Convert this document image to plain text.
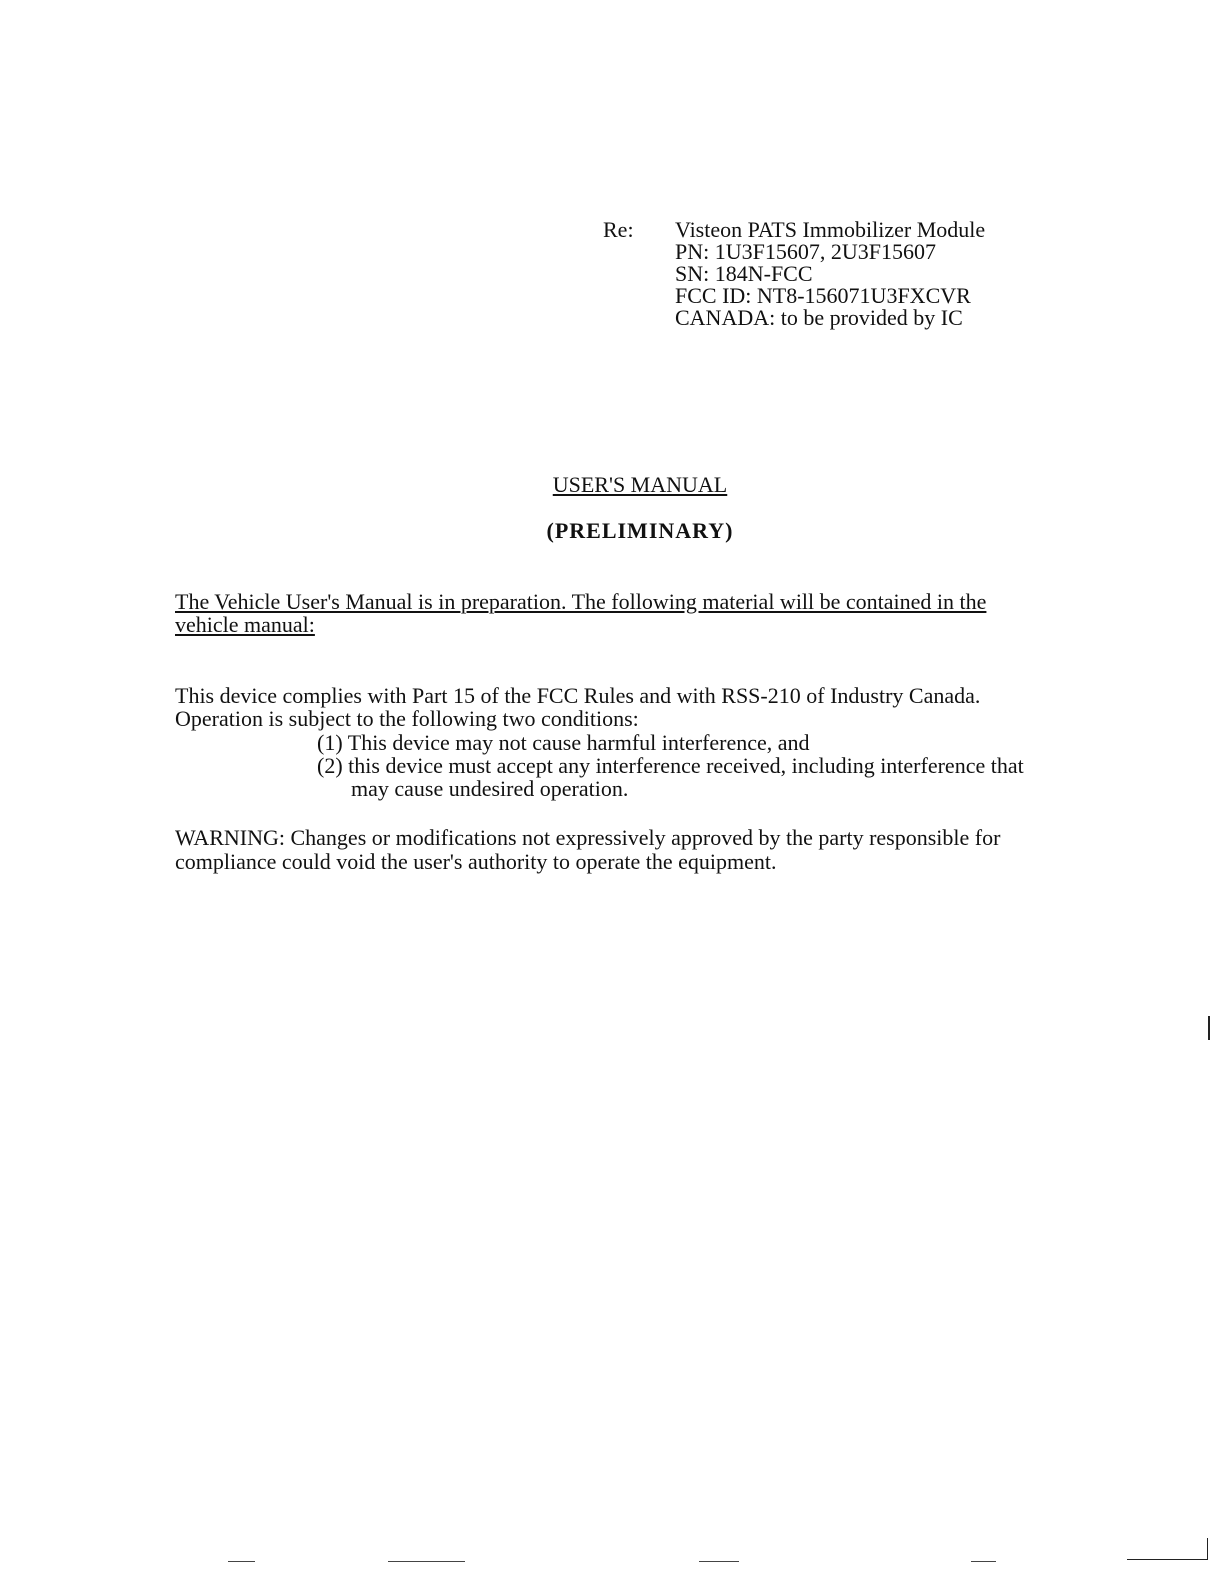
Re: Visteon PATS Immobilizer Module
PN: 1U3F15607, 2U3F15607
SN: 184N-FCC
FCC ID: NT8-156071U3FXCVR
CANADA: to be provided by IC
USER'S MANUAL
(PRELIMINARY)
The Vehicle User's Manual is in preparation. The following material will be contained in the vehicle manual:
This device complies with Part 15 of the FCC Rules and with RSS-210 of Industry Canada. Operation is subject to the following two conditions:
(1) This device may not cause harmful interference, and
(2) this device must accept any interference received, including interference that may cause undesired operation.
WARNING: Changes or modifications not expressively approved by the party responsible for compliance could void the user's authority to operate the equipment.
